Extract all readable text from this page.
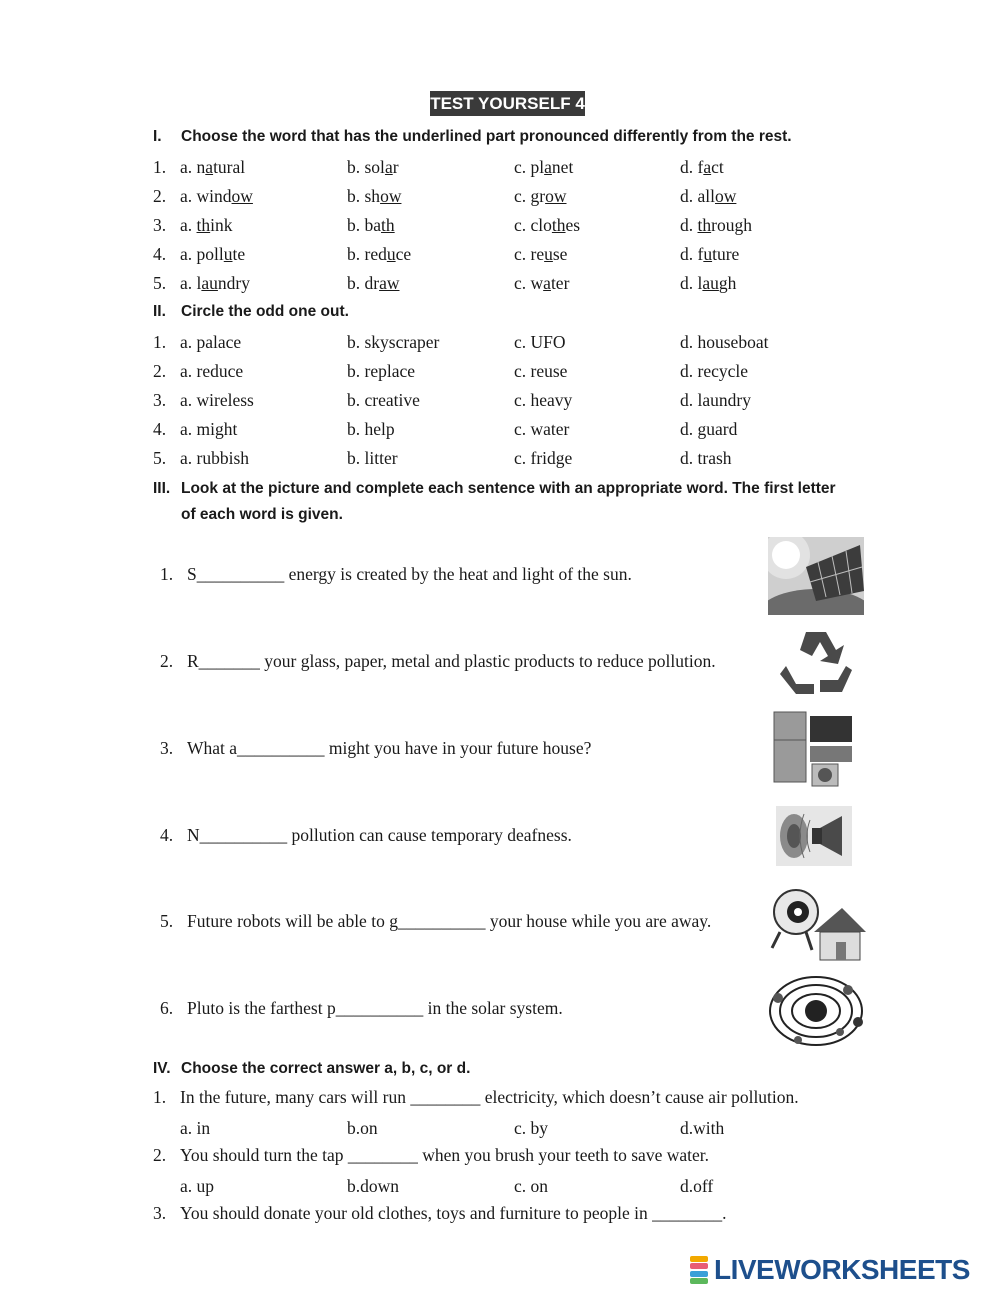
TEST YOURSELF 4
I. Choose the word that has the underlined part pronounced differently from the rest.
1. a. natural	b. solar	c. planet	d. fact
2. a. window	b. show	c. grow	d. allow
3. a. think	b. bath	c. clothes	d. through
4. a. pollute	b. reduce	c. reuse	d. future
5. a. laundry	b. draw	c. water	d. laugh
II. Circle the odd one out.
1. a. palace	b. skyscraper	c. UFO	d. houseboat
2. a. reduce	b. replace	c. reuse	d. recycle
3. a. wireless	b. creative	c. heavy	d. laundry
4. a. might	b. help	c. water	d. guard
5. a. rubbish	b. litter	c. fridge	d. trash
III. Look at the picture and complete each sentence with an appropriate word. The first letter
of each word is given.
1. S__________ energy is created by the heat and light of the sun.
2. R_______ your glass, paper, metal and plastic products to reduce pollution.
3. What a__________ might you have in your future house?
4. N__________ pollution can cause temporary deafness.
5. Future robots will be able to g__________ your house while you are away.
6. Pluto is the farthest p__________ in the solar system.
IV. Choose the correct answer a, b, c, or d.
1. In the future, many cars will run ________ electricity, which doesn’t cause air pollution.
a. in	b.on	c. by	d.with
2. You should turn the tap ________ when you brush your teeth to save water.
a. up	b.down	c. on	d.off
3. You should donate your old clothes, toys and furniture to people in ________.
LIVEWORKSHEETS
